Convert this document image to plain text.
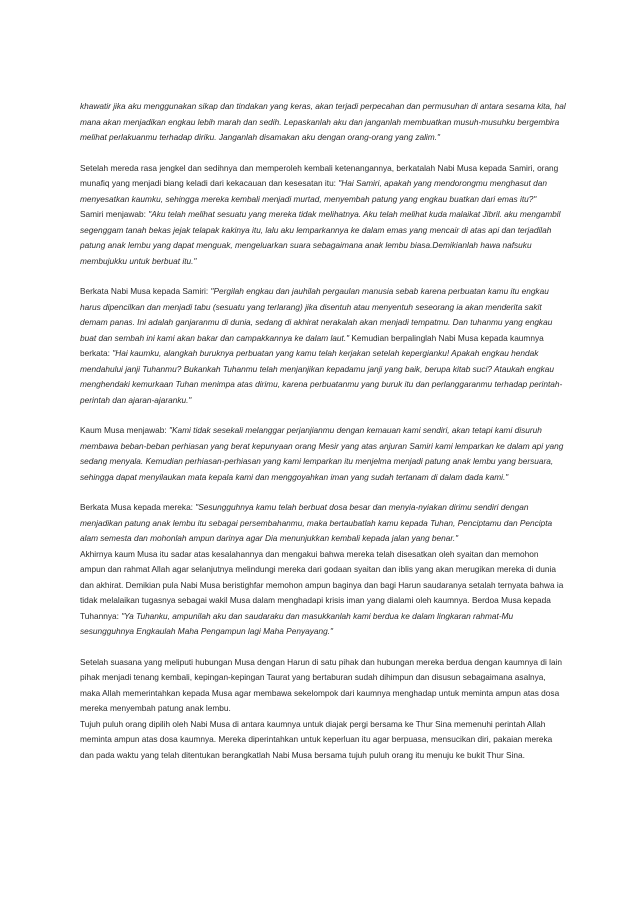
khawatir jika aku menggunakan sikap dan tindakan yang keras, akan terjadi perpecahan dan permusuhan di antara sesama kita, hal mana akan menjadikan engkau lebih marah dan sedih. Lepaskanlah aku dan janganlah membuatkan musuh-musuhku bergembira melihat perlakuanmu terhadap diriku. Janganlah disamakan aku dengan orang-orang yang zalim."

Setelah mereda rasa jengkel dan sedihnya dan memperoleh kembali ketenangannya, berkatalah Nabi Musa kepada Samiri, orang munafiq yang menjadi biang keladi dari kekacauan dan kesesatan itu: "Hai Samiri, apakah yang mendorongmu menghasut dan menyesatkan kaumku, sehingga mereka kembali menjadi murtad, menyembah patung yang engkau buatkan dari emas itu?"

Samiri menjawab: "Aku telah melihat sesuatu yang mereka tidak melihatnya. Aku telah melihat kuda malaikat Jibril. aku mengambil segenggam tanah bekas jejak telapak kakinya itu, lalu aku lemparkannya ke dalam emas yang mencair di atas api dan terjadilah patung anak lembu yang dapat menguak, mengeluarkan suara sebagaimana anak lembu biasa.Demikianlah hawa nafsuku membujukku untuk berbuat itu."

Berkata Nabi Musa kepada Samiri: "Pergilah engkau dan jauhilah pergaulan manusia sebab karena perbuatan kamu itu engkau harus dipencilkan dan menjadi tabu (sesuatu yang terlarang) jika disentuh atau menyentuh seseorang ia akan menderita sakit demam panas. Ini adalah ganjaranmu di dunia, sedang di akhirat nerakalah akan menjadi tempatmu. Dan tuhanmu yang engkau buat dan sembah ini kami akan bakar dan campakkannya ke dalam laut." Kemudian berpalinglah Nabi Musa kepada kaumnya berkata: "Hai kaumku, alangkah buruknya perbuatan yang kamu telah kerjakan setelah kepergianku! Apakah engkau hendak mendahului janji Tuhanmu? Bukankah Tuhanmu telah menjanjikan kepadamu janji yang baik, berupa kitab suci? Ataukah engkau menghendaki kemurkaan Tuhan menimpa atas dirimu, karena perbuatanmu yang buruk itu dan perlanggaranmu terhadap perintah-perintah dan ajaran-ajaranku."

Kaum Musa menjawab: "Kami tidak sesekali melanggar perjanjianmu dengan kemauan kami sendiri, akan tetapi kami disuruh membawa beban-beban perhiasan yang berat kepunyaan orang Mesir yang atas anjuran Samiri kami lemparkan ke dalam api yang sedang menyala. Kemudian perhiasan-perhiasan yang kami lemparkan itu menjelma menjadi patung anak lembu yang bersuara, sehingga dapat menyilaukan mata kepala kami dan menggoyahkan iman yang sudah tertanam di dalam dada kami."

Berkata Musa kepada mereka: "Sesungguhnya kamu telah berbuat dosa besar dan menyia-nyiakan dirimu sendiri dengan menjadikan patung anak lembu itu sebagai persembahanmu, maka bertaubatlah kamu kepada Tuhan, Penciptamu dan Pencipta alam semesta dan mohonlah ampun darinya agar Dia menunjukkan kembali kepada jalan yang benar."

Akhirnya kaum Musa itu sadar atas kesalahannya dan mengakui bahwa mereka telah disesatkan oleh syaitan dan memohon ampun dan rahmat Allah agar selanjutnya melindungi mereka dari godaan syaitan dan iblis yang akan merugikan mereka di dunia dan akhirat. Demikian pula Nabi Musa beristighfar memohon ampun baginya dan bagi Harun saudaranya setalah ternyata bahwa ia tidak melalaikan tugasnya sebagai wakil Musa dalam menghadapi krisis iman yang dialami oleh kaumnya. Berdoa Musa kepada Tuhannya: "Ya Tuhanku, ampunilah aku dan saudaraku dan masukkanlah kami berdua ke dalam lingkaran rahmat-Mu sesungguhnya Engkaulah Maha Pengampun lagi Maha Penyayang."

Setelah suasana yang meliputi hubungan Musa dengan Harun di satu pihak dan hubungan mereka berdua dengan kaumnya di lain pihak menjadi tenang kembali, kepingan-kepingan Taurat yang bertaburan sudah dihimpun dan disusun sebagaimana asalnya, maka Allah memerintahkan kepada Musa agar membawa sekelompok dari kaumnya menghadap untuk meminta ampun atas dosa mereka menyembah patung anak lembu.

Tujuh puluh orang dipilih oleh Nabi Musa di antara kaumnya untuk diajak pergi bersama ke Thur Sina memenuhi perintah Allah meminta ampun atas dosa kaumnya. Mereka diperintahkan untuk keperluan itu agar berpuasa, mensucikan diri, pakaian mereka dan pada waktu yang telah ditentukan berangkatlah Nabi Musa bersama tujuh puluh orang itu menuju ke bukit Thur Sina.
